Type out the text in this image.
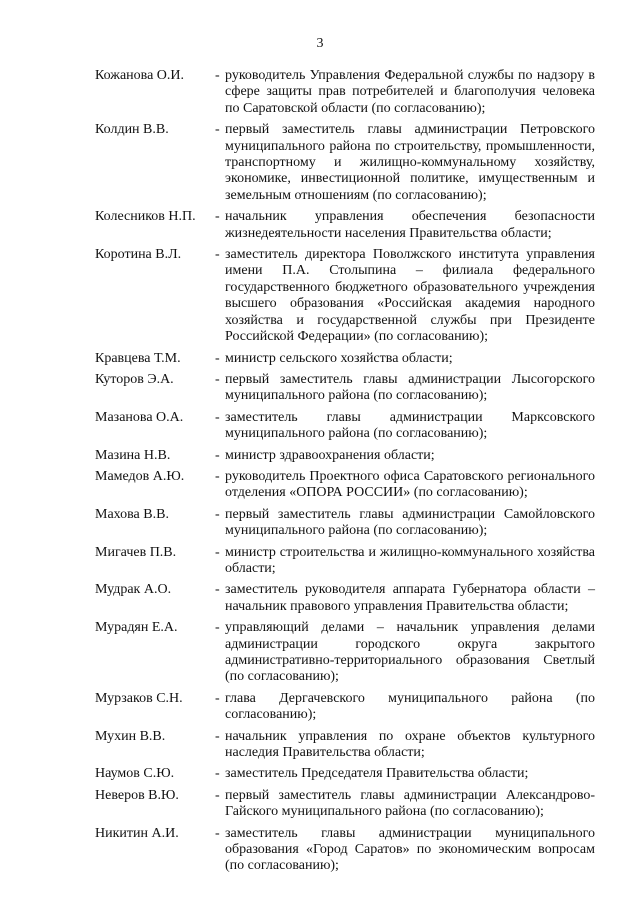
3
Кожанова О.И.	- руководитель Управления Федеральной службы по надзору в сфере защиты прав потребителей и благополучия человека по Саратовской области (по согласованию);
Колдин В.В.	- первый заместитель главы администрации Петровского муниципального района по строительству, промышленности, транспортному и жилищно-коммунальному хозяйству, экономике, инвестиционной политике, имущественным и земельным отношениям (по согласованию);
Колесников Н.П.	- начальник управления обеспечения безопасности жизнедеятельности населения Правительства области;
Коротина В.Л.	- заместитель директора Поволжского института управления имени П.А. Столыпина – филиала федерального государственного бюджетного образовательного учреждения высшего образования «Российская академия народного хозяйства и государственной службы при Президенте Российской Федерации» (по согласованию);
Кравцева Т.М.	- министр сельского хозяйства области;
Куторов Э.А.	- первый заместитель главы администрации Лысогорского муниципального района (по согласованию);
Мазанова О.А.	- заместитель главы администрации Марксовского муниципального района (по согласованию);
Мазина Н.В.	- министр здравоохранения области;
Мамедов А.Ю.	- руководитель Проектного офиса Саратовского регионального отделения «ОПОРА РОССИИ» (по согласованию);
Махова В.В.	- первый заместитель главы администрации Самойловского муниципального района (по согласованию);
Мигачев П.В.	- министр строительства и жилищно-коммунального хозяйства области;
Мудрак А.О.	- заместитель руководителя аппарата Губернатора области – начальник правового управления Правительства области;
Мурадян Е.А.	- управляющий делами – начальник управления делами администрации городского округа закрытого административно-территориального образования Светлый (по согласованию);
Мурзаков С.Н.	- глава Дергачевского муниципального района (по согласованию);
Мухин В.В.	- начальник управления по охране объектов культурного наследия Правительства области;
Наумов С.Ю.	- заместитель Председателя Правительства области;
Неверов В.Ю.	- первый заместитель главы администрации Александрово-Гайского муниципального района (по согласованию);
Никитин А.И.	- заместитель главы администрации муниципального образования «Город Саратов» по экономическим вопросам (по согласованию);
